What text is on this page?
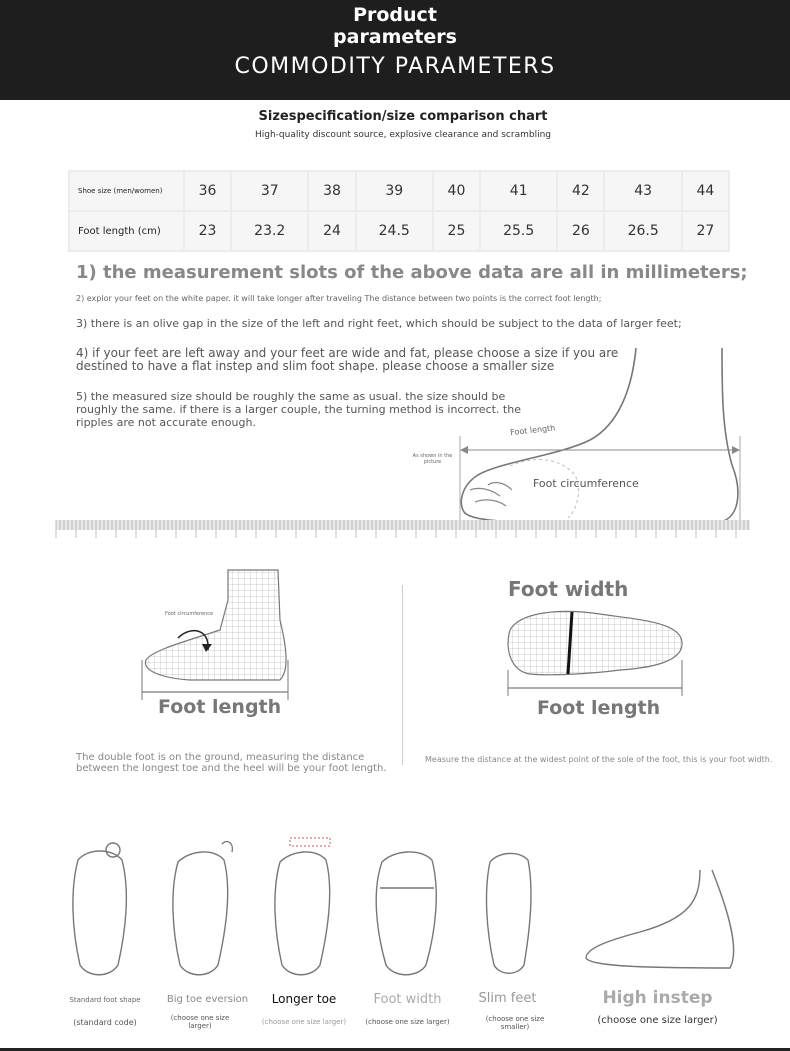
Product
parameters
COMMODITY PARAMETERS
Sizespecification/size comparison chart
High-quality discount source, explosive clearance and scrambling
Shoe size (men/women)	36	37	38	39	40	41	42	43	44
Foot length (cm)	23	23.2	24	24.5	25	25.5	26	26.5	27
1) the measurement slots of the above data are all in millimeters;
2) explor your feet on the white paper. it will take longer after traveling The distance between two points is the correct foot length;
3) there is an olive gap in the size of the left and right feet, which should be subject to the data of larger feet;
4) if your feet are left away and your feet are wide and fat, please choose a size if you are destined to have a flat instep and slim foot shape. please choose a smaller size
5) the measured size should be roughly the same as usual. the size should be roughly the same. if there is a larger couple, the turning method is incorrect. the ripples are not accurate enough.
Foot length
As shown in the picture
Foot circumference
Foot circumference
Foot length
The double foot is on the ground, measuring the distance between the longest toe and the heel will be your foot length.
Foot width
Foot length
Measure the distance at the widest point of the sole of the foot, this is your foot width.
Standard foot shape
(standard code)
Big toe eversion
(choose one size larger)
Longer toe
(choose one size larger)
Foot width
(choose one size larger)
Slim feet
(choose one size smaller)
High instep
(choose one size larger)
